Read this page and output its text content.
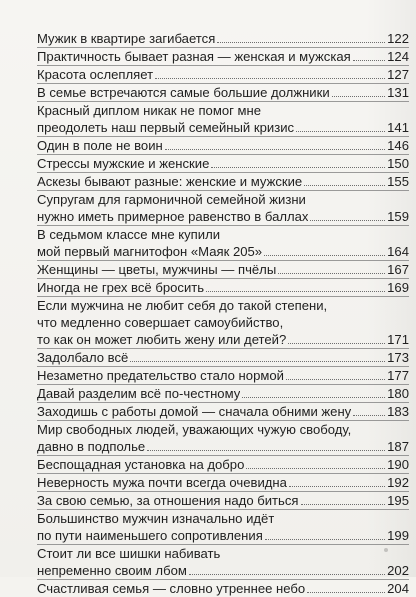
Мужик в квартире загибается	122
Практичность бывает разная — женская и мужская	124
Красота ослепляет	127
В семье встречаются самые большие должники	131
Красный диплом никак не помог мне
преодолеть наш первый семейный кризис	141
Один в поле не воин	146
Стрессы мужские и женские	150
Аскезы бывают разные: женские и мужские	155
Супругам для гармоничной семейной жизни
нужно иметь примерное равенство в баллах	159
В седьмом классе мне купили
мой первый магнитофон «Маяк 205»	164
Женщины — цветы, мужчины — пчёлы	167
Иногда не грех всё бросить	169
Если мужчина не любит себя до такой степени,
что медленно совершает самоубийство,
то как он может любить жену или детей?	171
Задолбало всё	173
Незаметно предательство стало нормой	177
Давай разделим всё по-честному	180
Заходишь с работы домой — сначала обними жену	183
Мир свободных людей, уважающих чужую свободу,
давно в подполье	187
Беспощадная установка на добро	190
Неверность мужа почти всегда очевидна	192
За свою семью, за отношения надо биться	195
Большинство мужчин изначально идёт
по пути наименьшего сопротивления	199
Стоит ли все шишки набивать
непременно своим лбом	202
Счастливая семья — словно утреннее небо	204
